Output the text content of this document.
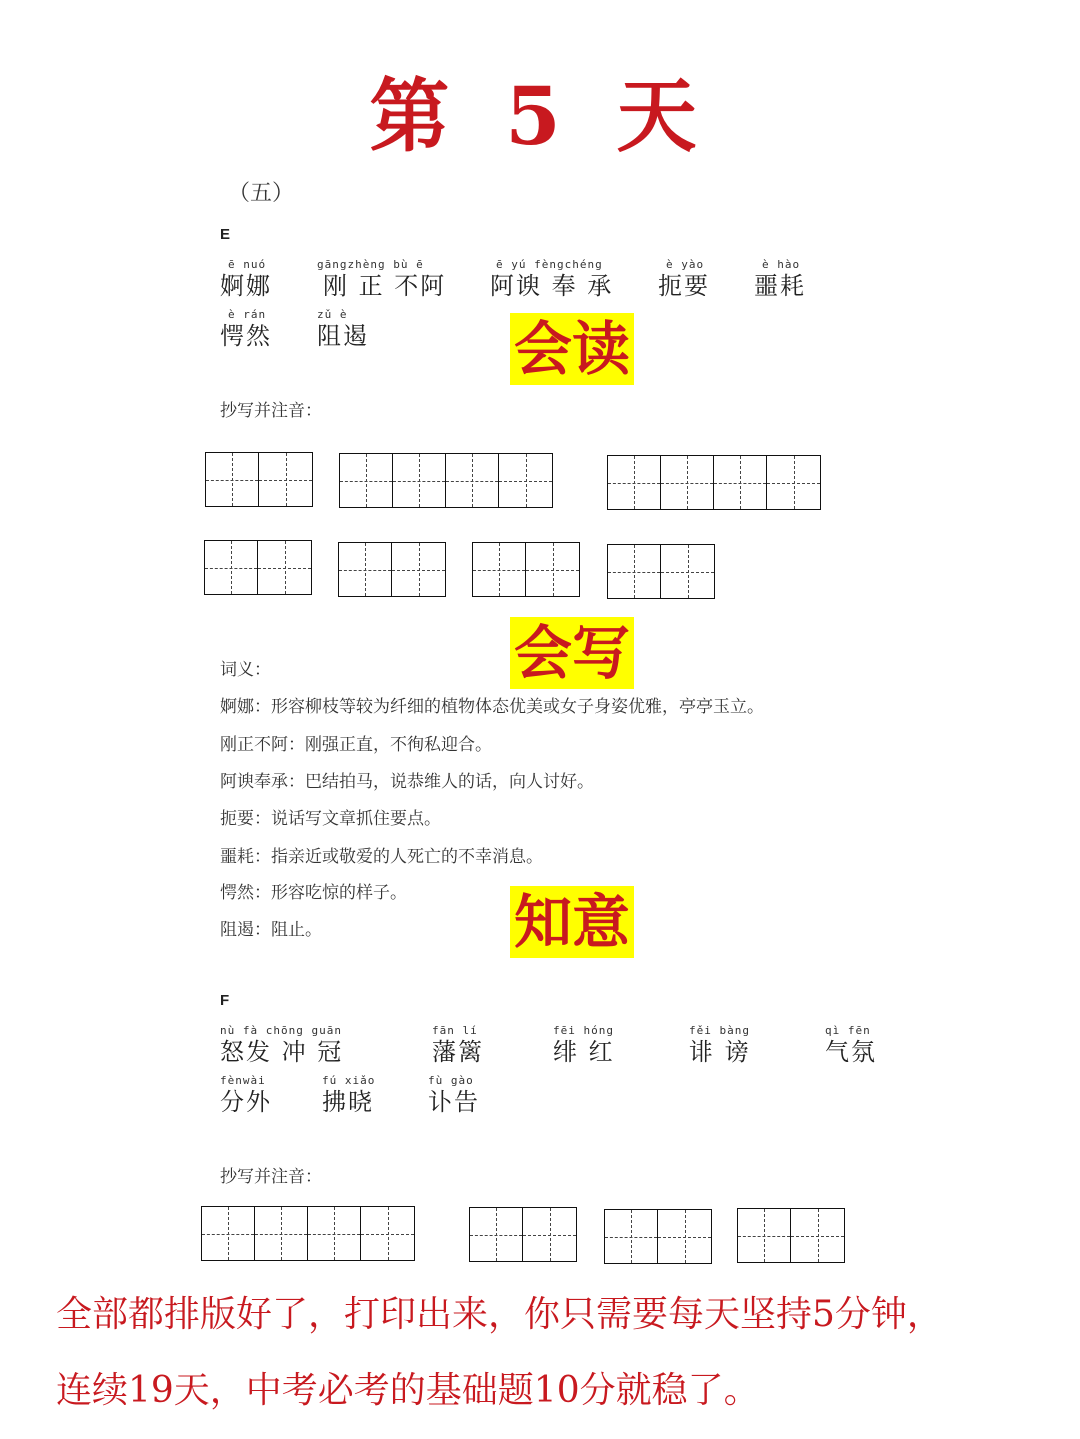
第 5 天
（五）
E
ē nuó
婀娜
gāngzhèng bù ē
刚 正 不阿
ē yú fèngchéng
阿谀 奉 承
è yào
扼要
è hào
噩耗
è rán
愕然
zǔ è
阻遏 会读
抄写并注音：
会写
词义：
婀娜：形容柳枝等较为纤细的植物体态优美或女子身姿优雅，亭亭玉立。
刚正不阿：刚强正直，不徇私迎合。
阿谀奉承：巴结拍马，说恭维人的话，向人讨好。
扼要：说话写文章抓住要点。
噩耗：指亲近或敬爱的人死亡的不幸消息。
愕然：形容吃惊的样子。
阻遏：阻止。	知意
F
nù fà chōng guān
怒发 冲 冠
fān lí
藩篱
fēi hóng
绯 红
fěi bàng
诽 谤
qì fēn
气氛
fènwài
分外
fú xiǎo
拂晓
fù gào
讣告
抄写并注音：
全部都排版好了，打印出来，你只需要每天坚持5分钟，
连续19天，中考必考的基础题10分就稳了。
